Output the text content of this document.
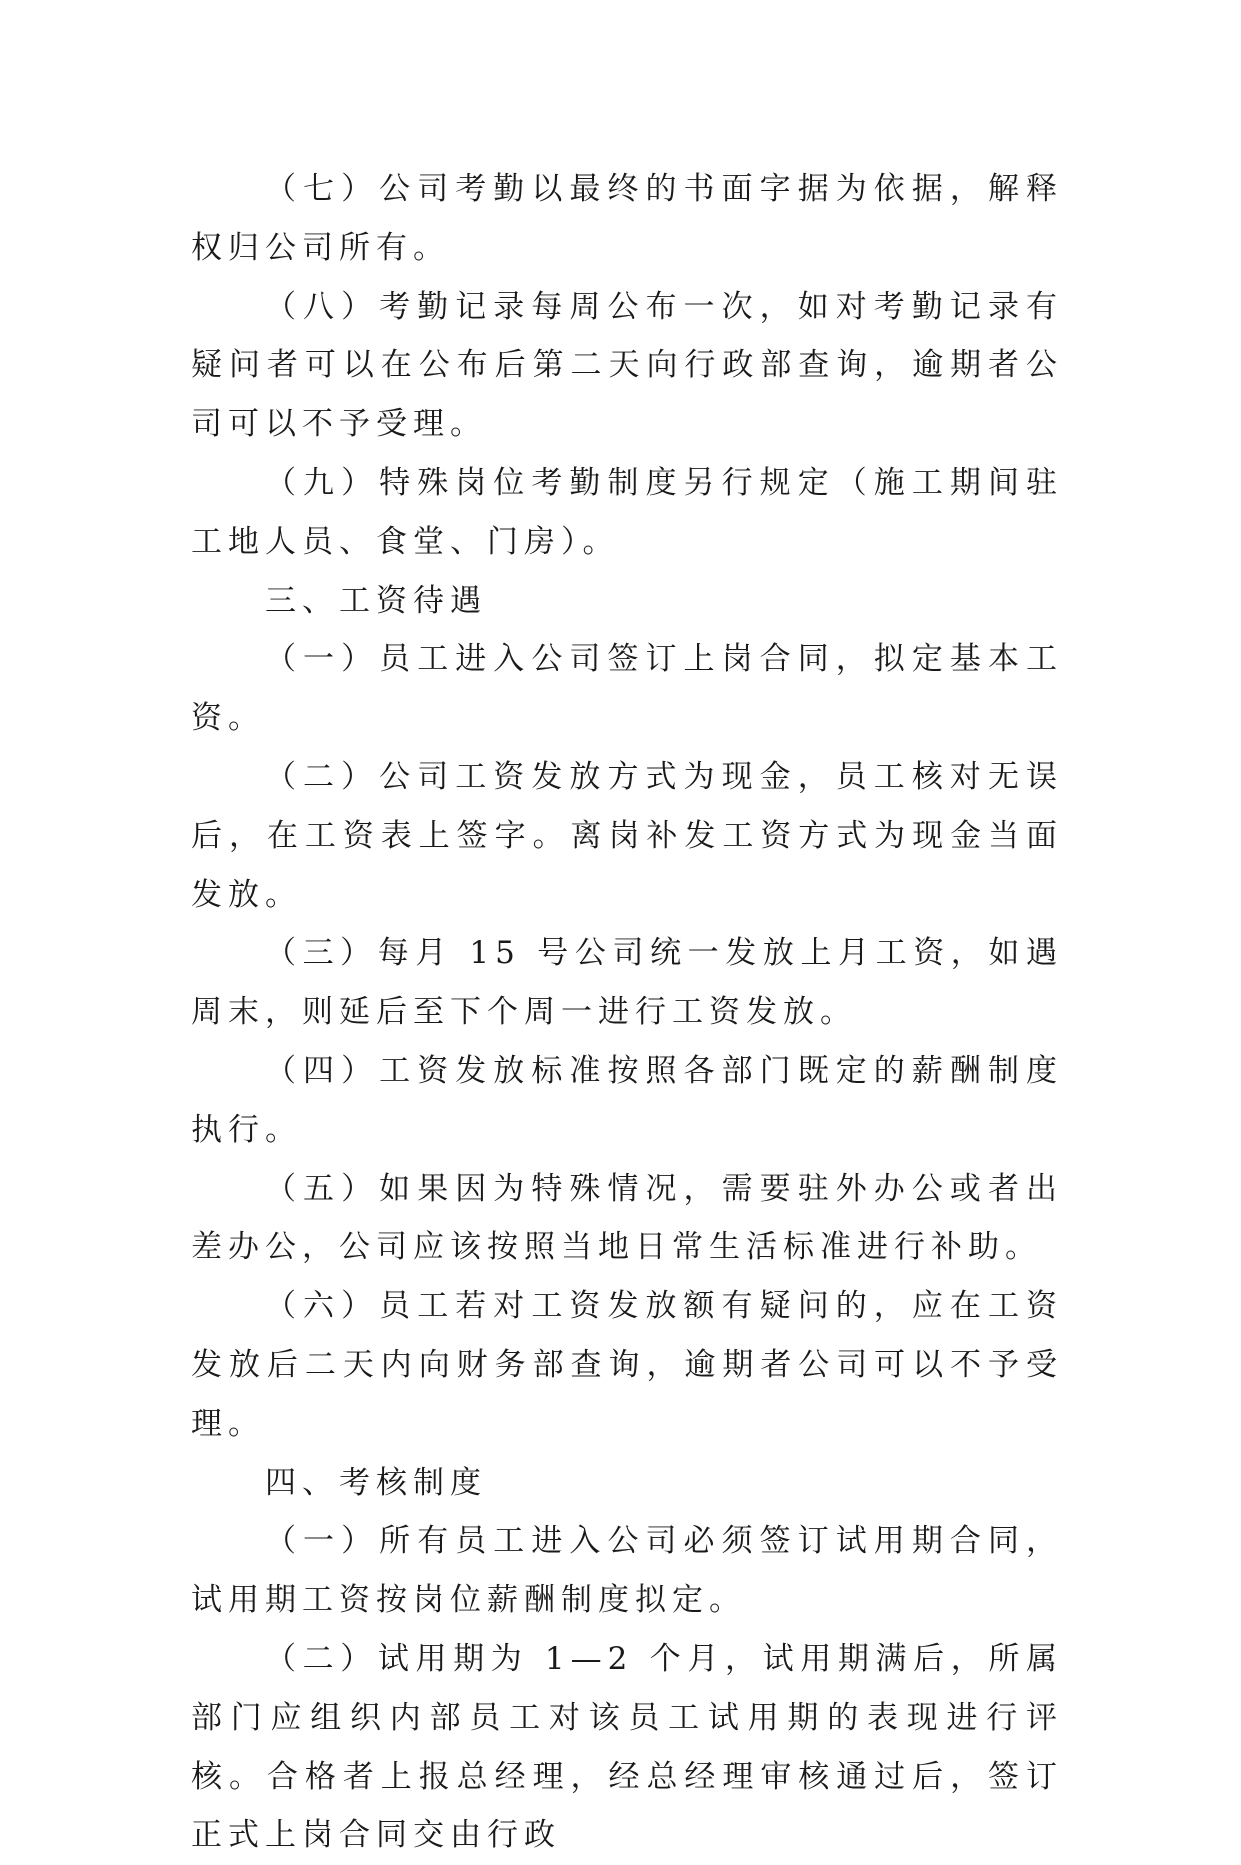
（七）公司考勤以最终的书面字据为依据，解释权归公司所有。

（八）考勤记录每周公布一次，如对考勤记录有疑问者可以在公布后第二天向行政部查询，逾期者公司可以不予受理。

（九）特殊岗位考勤制度另行规定（施工期间驻工地人员、食堂、门房）。

三、工资待遇

（一）员工进入公司签订上岗合同，拟定基本工资。

（二）公司工资发放方式为现金，员工核对无误后，在工资表上签字。离岗补发工资方式为现金当面发放。

（三）每月 15 号公司统一发放上月工资，如遇周末，则延后至下个周一进行工资发放。

（四）工资发放标准按照各部门既定的薪酬制度执行。

（五）如果因为特殊情况，需要驻外办公或者出差办公，公司应该按照当地日常生活标准进行补助。

（六）员工若对工资发放额有疑问的，应在工资发放后二天内向财务部查询，逾期者公司可以不予受理。

四、考核制度

（一）所有员工进入公司必须签订试用期合同，试用期工资按岗位薪酬制度拟定。

（二）试用期为 1—2 个月，试用期满后，所属部门应组织内部员工对该员工试用期的表现进行评核。合格者上报总经理，经总经理审核通过后，签订正式上岗合同交由行政
